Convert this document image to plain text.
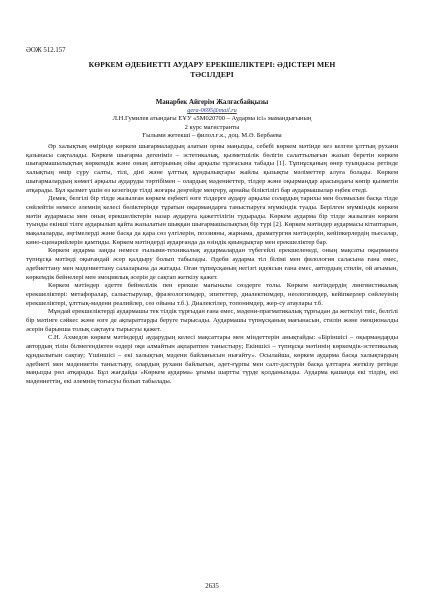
ӘОЖ 512.157
КӨРКЕМ ӘДЕБИЕТТІ АУДАРУ ЕРЕКШЕЛІКТЕРІ: ӘДІСТЕРІ МЕН
ТӘСІЛДЕРІ
Манарбек Айгерім Жалғасбайқызы
gera-0695@mail.ru
Л.Н.Гумилев атындағы ЕҰУ «5М020700 – Аударма ісі» мамандығының
2 курс магистранты
Ғылыми жетекші – филол.ғ.к., доц. М.Ә. Бербаева

Әр халықтың өмірінде көркем шығармалардың алатын орны маңызды, себебі көркем мәтінде кез келген ұлттың рухани қазынасы сақталады. Көркем шығарма дегеніміз – эстетикалық, қызметшілік бөлігін салаттылығын жазып беретін көркем шығармашылықтың көркемдік және оның авторының ойы арқылы тұлғасына табады [1]. Тұпнұсқаның өнер туындысы ретінде халықтың өмір сүру салты, тілі, діні және ұлттық құндылықтары жайлы қызықты мәліметтер алуға болады. Көркем шығармалардың көмегі арқылы аударуды тәртібімен – олардың мәдениеттер, тілдер және оқырмандар арасындағы көпір қызметін атқарады. Бұл қызмет ұшін өз кезегінде тілді жоғары деңгейде меңгеру, арнайы біліктілігі бар аудармашылар еңбек етеді.

Демек, белгілі бір тілде жазылған көркем еңбекті өзге тілдерге аудару арқылы солардың тарихы мен болмысын басқа тілде сөйлейтін немесе әлемнің келесі бөліктерінде тұратын оқырмандарға таныстыруға мүмкіндік туады. Берілген мүмкіндік көркем мәтін аудармасы мен оның ерекшеліктерін назар аударуға қажеттілігін тудырады. Көркем аударма бір тілде жазылған көркем туынды екінші тілге аударылып қайта жазылатын шыққан шығармашылықтың бір түрі [2]. Көркем мәтіндер аудармасы кітаптарын, мақалаларды, әңгімелерді және басқа да қара сөз үлгілерін, поэзияны, жарнама, драматургия мәтіндерін, кейіпкерлердің пьесалар, кино-сценарийлерін қамтиды. Көркем мәтіндерді аударғанда да өзіндік қиындықтар мен ерекшеліктер бар.

Көркем аударма заңды немесе ғылыми-техникалық аудармалардан түбегейлі ерекшеленеді, оның мақсаты оқырманға түпнұсқа мәтінді оқығандай әсер қалдыру болып табылады. Әдеби аударма тіл білімі мен филология саласына ғана емес, әдебиеттану мен мәдениеттану салаларына да жатады. Оған тұпнұсқаның негізгі идеясын ғана емес, автордың стилін, ой ағымын, көркемдік бейнелері мен эмоциялық әсерін де сақтап жеткізу қажет.

Көркем мәтіндер әдетте бейнелілік пен ерекше мағыналы сөздерге толы. Көркем мәтіндердің лингвистикалық ерекшеліктері: метафоралар, салыстырулар, фразеологизмдер, эпитеттер, диалектизмдер, неологизмдер, кейіпкерлер сөйлеуінің ерекшеліктері, ұлттық-мәдени реалийлер, сөз ойыны т.б.). Диалектілер, топонимдер, жер-су атаулары т.б.

Мұндай ерекшеліктерді аудармашы тек тілдік тұрғыдан ғана емес, мәдени-прагматикалық тұрғыдан да жеткізуі тиіс, белгілі бір мәтінге сәйкес және өзге де ақпараттарды беруге тырысады. Аудармашы түпнұсқаның мағынасын, стилін және эмоционалды әсерін барынша толық сақтауға тырысуы қажет.

С.Н. Ахмедов көркем мәтіндерді аударудың келесі мақсаттары мен міндеттерін анықтайды: «Біріншісі – оқырмандарды автордың тілін білмегендіктен өздері оқи алмайтын ақпаратпен таныстыру; Екіншісі – түпнұсқа мәтіннің көркемдік-эстетикалық құндылығын сақтау; Үшіншісі – екі халықтың мәдени байланысын нығайту». Осылайша, көркем аударма басқа халықтардың әдебиеті мен мәдениетін таныстыру, олардың рухани байлығын, әдет-ғұрпы мен салт-дәстүрін басқа ұлттарға жеткізу ретінде маңызды рөл атқарады. Бұл жағдайда «Көркем аударма» ұғымы шартты түрде қолданылады. Аударма қашанда екі тілдің, екі мәдениеттің, екі әлемнің тоғысуы болып табылады.

2635
